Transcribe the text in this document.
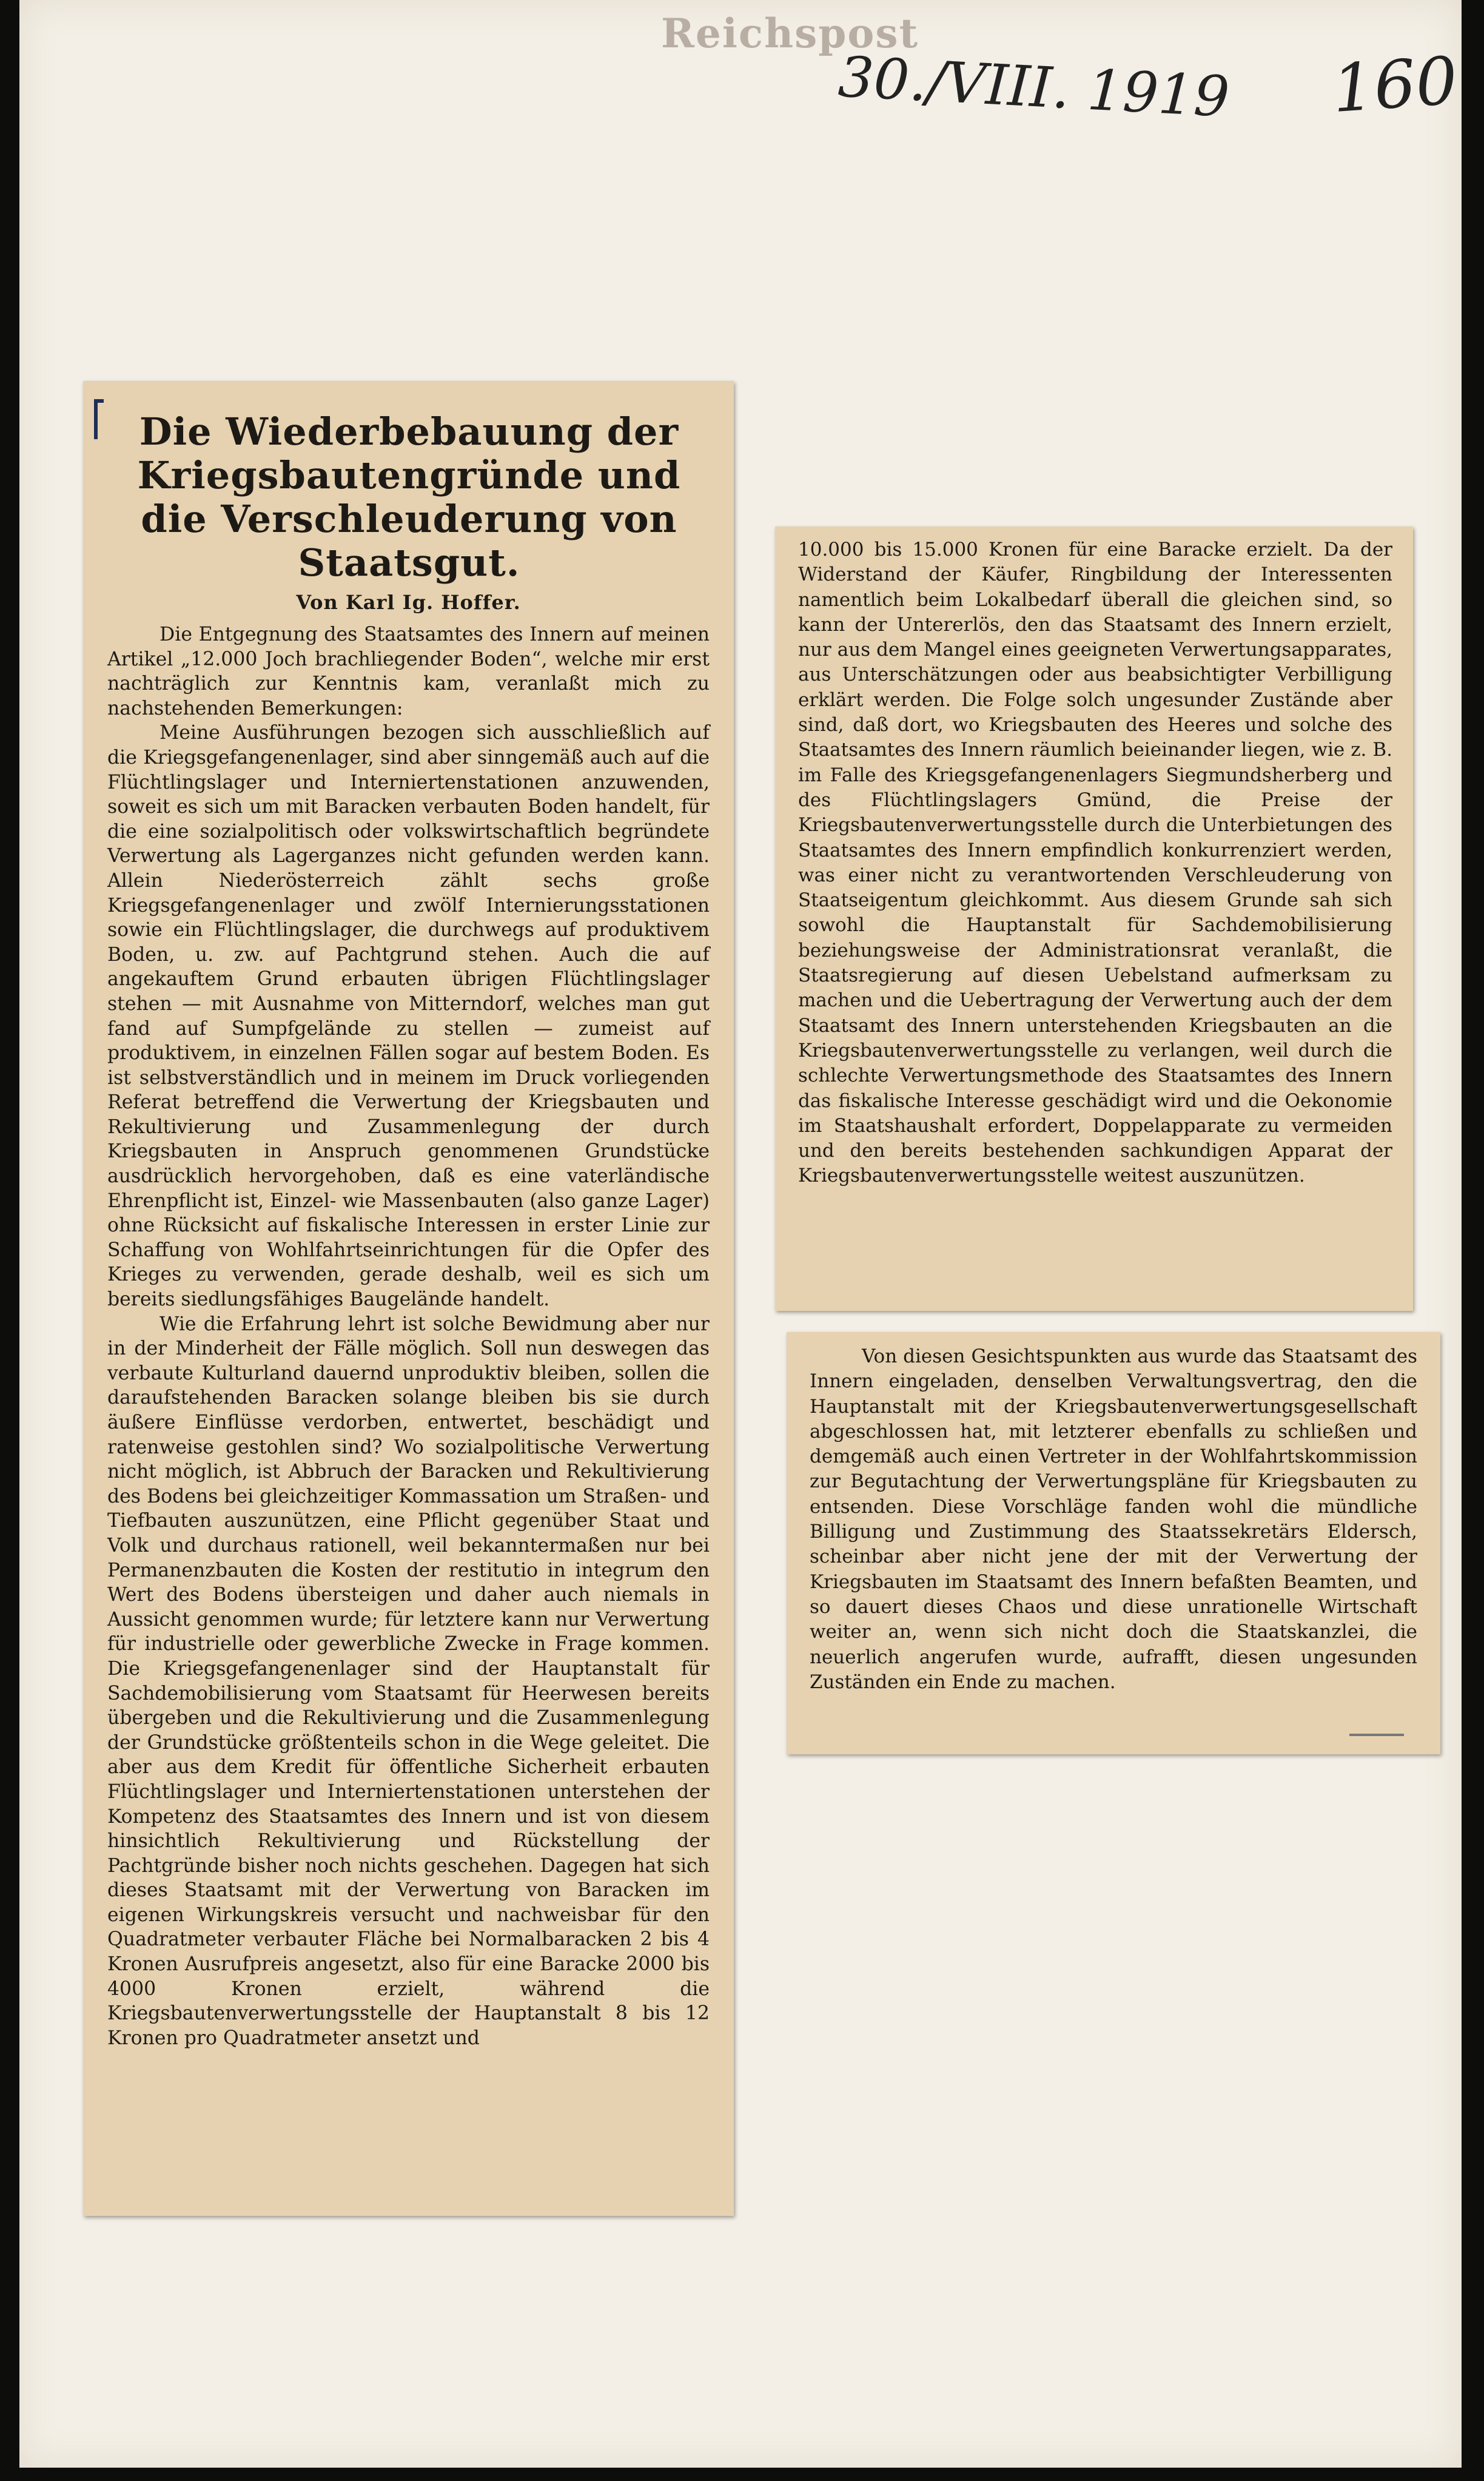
Reichspost
30./VIII. 1919 160
Die Wiederbebauung der Kriegsbautengründe und die Verschleuderung von Staatsgut.
Von Karl Ig. Hoffer.

Die Entgegnung des Staatsamtes des Innern auf meinen Artikel „12.000 Joch brachliegender Boden“, welche mir erst nachträglich zur Kenntnis kam, veranlaßt mich zu nachstehenden Bemerkungen:

Meine Ausführungen bezogen sich ausschließlich auf die Kriegsgefangenenlager, sind aber sinngemäß auch auf die Flüchtlingslager und Interniertenstationen anzuwenden, soweit es sich um mit Baracken verbauten Boden handelt, für die eine sozialpolitisch oder volkswirtschaftlich begründete Verwertung als Lagerganzes nicht gefunden werden kann. Allein Niederösterreich zählt sechs große Kriegsgefangenenlager und zwölf Internierungsstationen sowie ein Flüchtlingslager, die durchwegs auf produktivem Boden, u. zw. auf Pachtgrund stehen. Auch die auf angekauftem Grund erbauten übrigen Flüchtlingslager stehen — mit Ausnahme von Mitterndorf, welches man gut fand auf Sumpfgelände zu stellen — zumeist auf produktivem, in einzelnen Fällen sogar auf bestem Boden. Es ist selbstverständlich und in meinem im Druck vorliegenden Referat betreffend die Verwertung der Kriegsbauten und Rekultivierung und Zusammenlegung der durch Kriegsbauten in Anspruch genommenen Grundstücke ausdrücklich hervorgehoben, daß es eine vaterländische Ehrenpflicht ist, Einzel- wie Massenbauten (also ganze Lager) ohne Rücksicht auf fiskalische Interessen in erster Linie zur Schaffung von Wohlfahrtseinrichtungen für die Opfer des Krieges zu verwenden, gerade deshalb, weil es sich um bereits siedlungsfähiges Baugelände handelt.

Wie die Erfahrung lehrt ist solche Bewidmung aber nur in der Minderheit der Fälle möglich. Soll nun deswegen das verbaute Kulturland dauernd unproduktiv bleiben, sollen die daraufstehenden Baracken solange bleiben bis sie durch äußere Einflüsse verdorben, entwertet, beschädigt und ratenweise gestohlen sind? Wo sozialpolitische Verwertung nicht möglich, ist Abbruch der Baracken und Rekultivierung des Bodens bei gleichzeitiger Kommassation um Straßen- und Tiefbauten auszunützen, eine Pflicht gegenüber Staat und Volk und durchaus rationell, weil bekanntermaßen nur bei Permanenzbauten die Kosten der restitutio in integrum den Wert des Bodens übersteigen und daher auch niemals in Aussicht genommen wurde; für letztere kann nur Verwertung für industrielle oder gewerbliche Zwecke in Frage kommen. Die Kriegsgefangenenlager sind der Hauptanstalt für Sachdemobilisierung vom Staatsamt für Heerwesen bereits übergeben und die Rekultivierung und die Zusammenlegung der Grundstücke größtenteils schon in die Wege geleitet. Die aber aus dem Kredit für öffentliche Sicherheit erbauten Flüchtlingslager und Interniertenstationen unterstehen der Kompetenz des Staatsamtes des Innern und ist von diesem hinsichtlich Rekultivierung und Rückstellung der Pachtgründe bisher noch nichts geschehen. Dagegen hat sich dieses Staatsamt mit der Verwertung von Baracken im eigenen Wirkungskreis versucht und nachweisbar für den Quadratmeter verbauter Fläche bei Normalbaracken 2 bis 4 Kronen Ausrufpreis angesetzt, also für eine Baracke 2000 bis 4000 Kronen erzielt, während die Kriegsbautenverwertungsstelle der Hauptanstalt 8 bis 12 Kronen pro Quadratmeter ansetzt und

10.000 bis 15.000 Kronen für eine Baracke erzielt. Da der Widerstand der Käufer, Ringbildung der Interessenten namentlich beim Lokalbedarf überall die gleichen sind, so kann der Untererlös, den das Staatsamt des Innern erzielt, nur aus dem Mangel eines geeigneten Verwertungsapparates, aus Unterschätzungen oder aus beabsichtigter Verbilligung erklärt werden. Die Folge solch ungesunder Zustände aber sind, daß dort, wo Kriegsbauten des Heeres und solche des Staatsamtes des Innern räumlich beieinander liegen, wie z. B. im Falle des Kriegsgefangenenlagers Siegmundsherberg und des Flüchtlingslagers Gmünd, die Preise der Kriegsbautenverwertungsstelle durch die Unterbietungen des Staatsamtes des Innern empfindlich konkurrenziert werden, was einer nicht zu verantwortenden Verschleuderung von Staatseigentum gleichkommt. Aus diesem Grunde sah sich sowohl die Hauptanstalt für Sachdemobilisierung beziehungsweise der Administrationsrat veranlaßt, die Staatsregierung auf diesen Uebelstand aufmerksam zu machen und die Uebertragung der Verwertung auch der dem Staatsamt des Innern unterstehenden Kriegsbauten an die Kriegsbautenverwertungsstelle zu verlangen, weil durch die schlechte Verwertungsmethode des Staatsamtes des Innern das fiskalische Interesse geschädigt wird und die Oekonomie im Staatshaushalt erfordert, Doppelapparate zu vermeiden und den bereits bestehenden sachkundigen Apparat der Kriegsbautenverwertungsstelle weitest auszunützen.

Von diesen Gesichtspunkten aus wurde das Staatsamt des Innern eingeladen, denselben Verwaltungsvertrag, den die Hauptanstalt mit der Kriegsbautenverwertungsgesellschaft abgeschlossen hat, mit letzterer ebenfalls zu schließen und demgemäß auch einen Vertreter in der Wohlfahrtskommission zur Begutachtung der Verwertungspläne für Kriegsbauten zu entsenden. Diese Vorschläge fanden wohl die mündliche Billigung und Zustimmung des Staatssekretärs Eldersch, scheinbar aber nicht jene der mit der Verwertung der Kriegsbauten im Staatsamt des Innern befaßten Beamten, und so dauert dieses Chaos und diese unrationelle Wirtschaft weiter an, wenn sich nicht doch die Staatskanzlei, die neuerlich angerufen wurde, aufrafft, diesen ungesunden Zuständen ein Ende zu machen.
